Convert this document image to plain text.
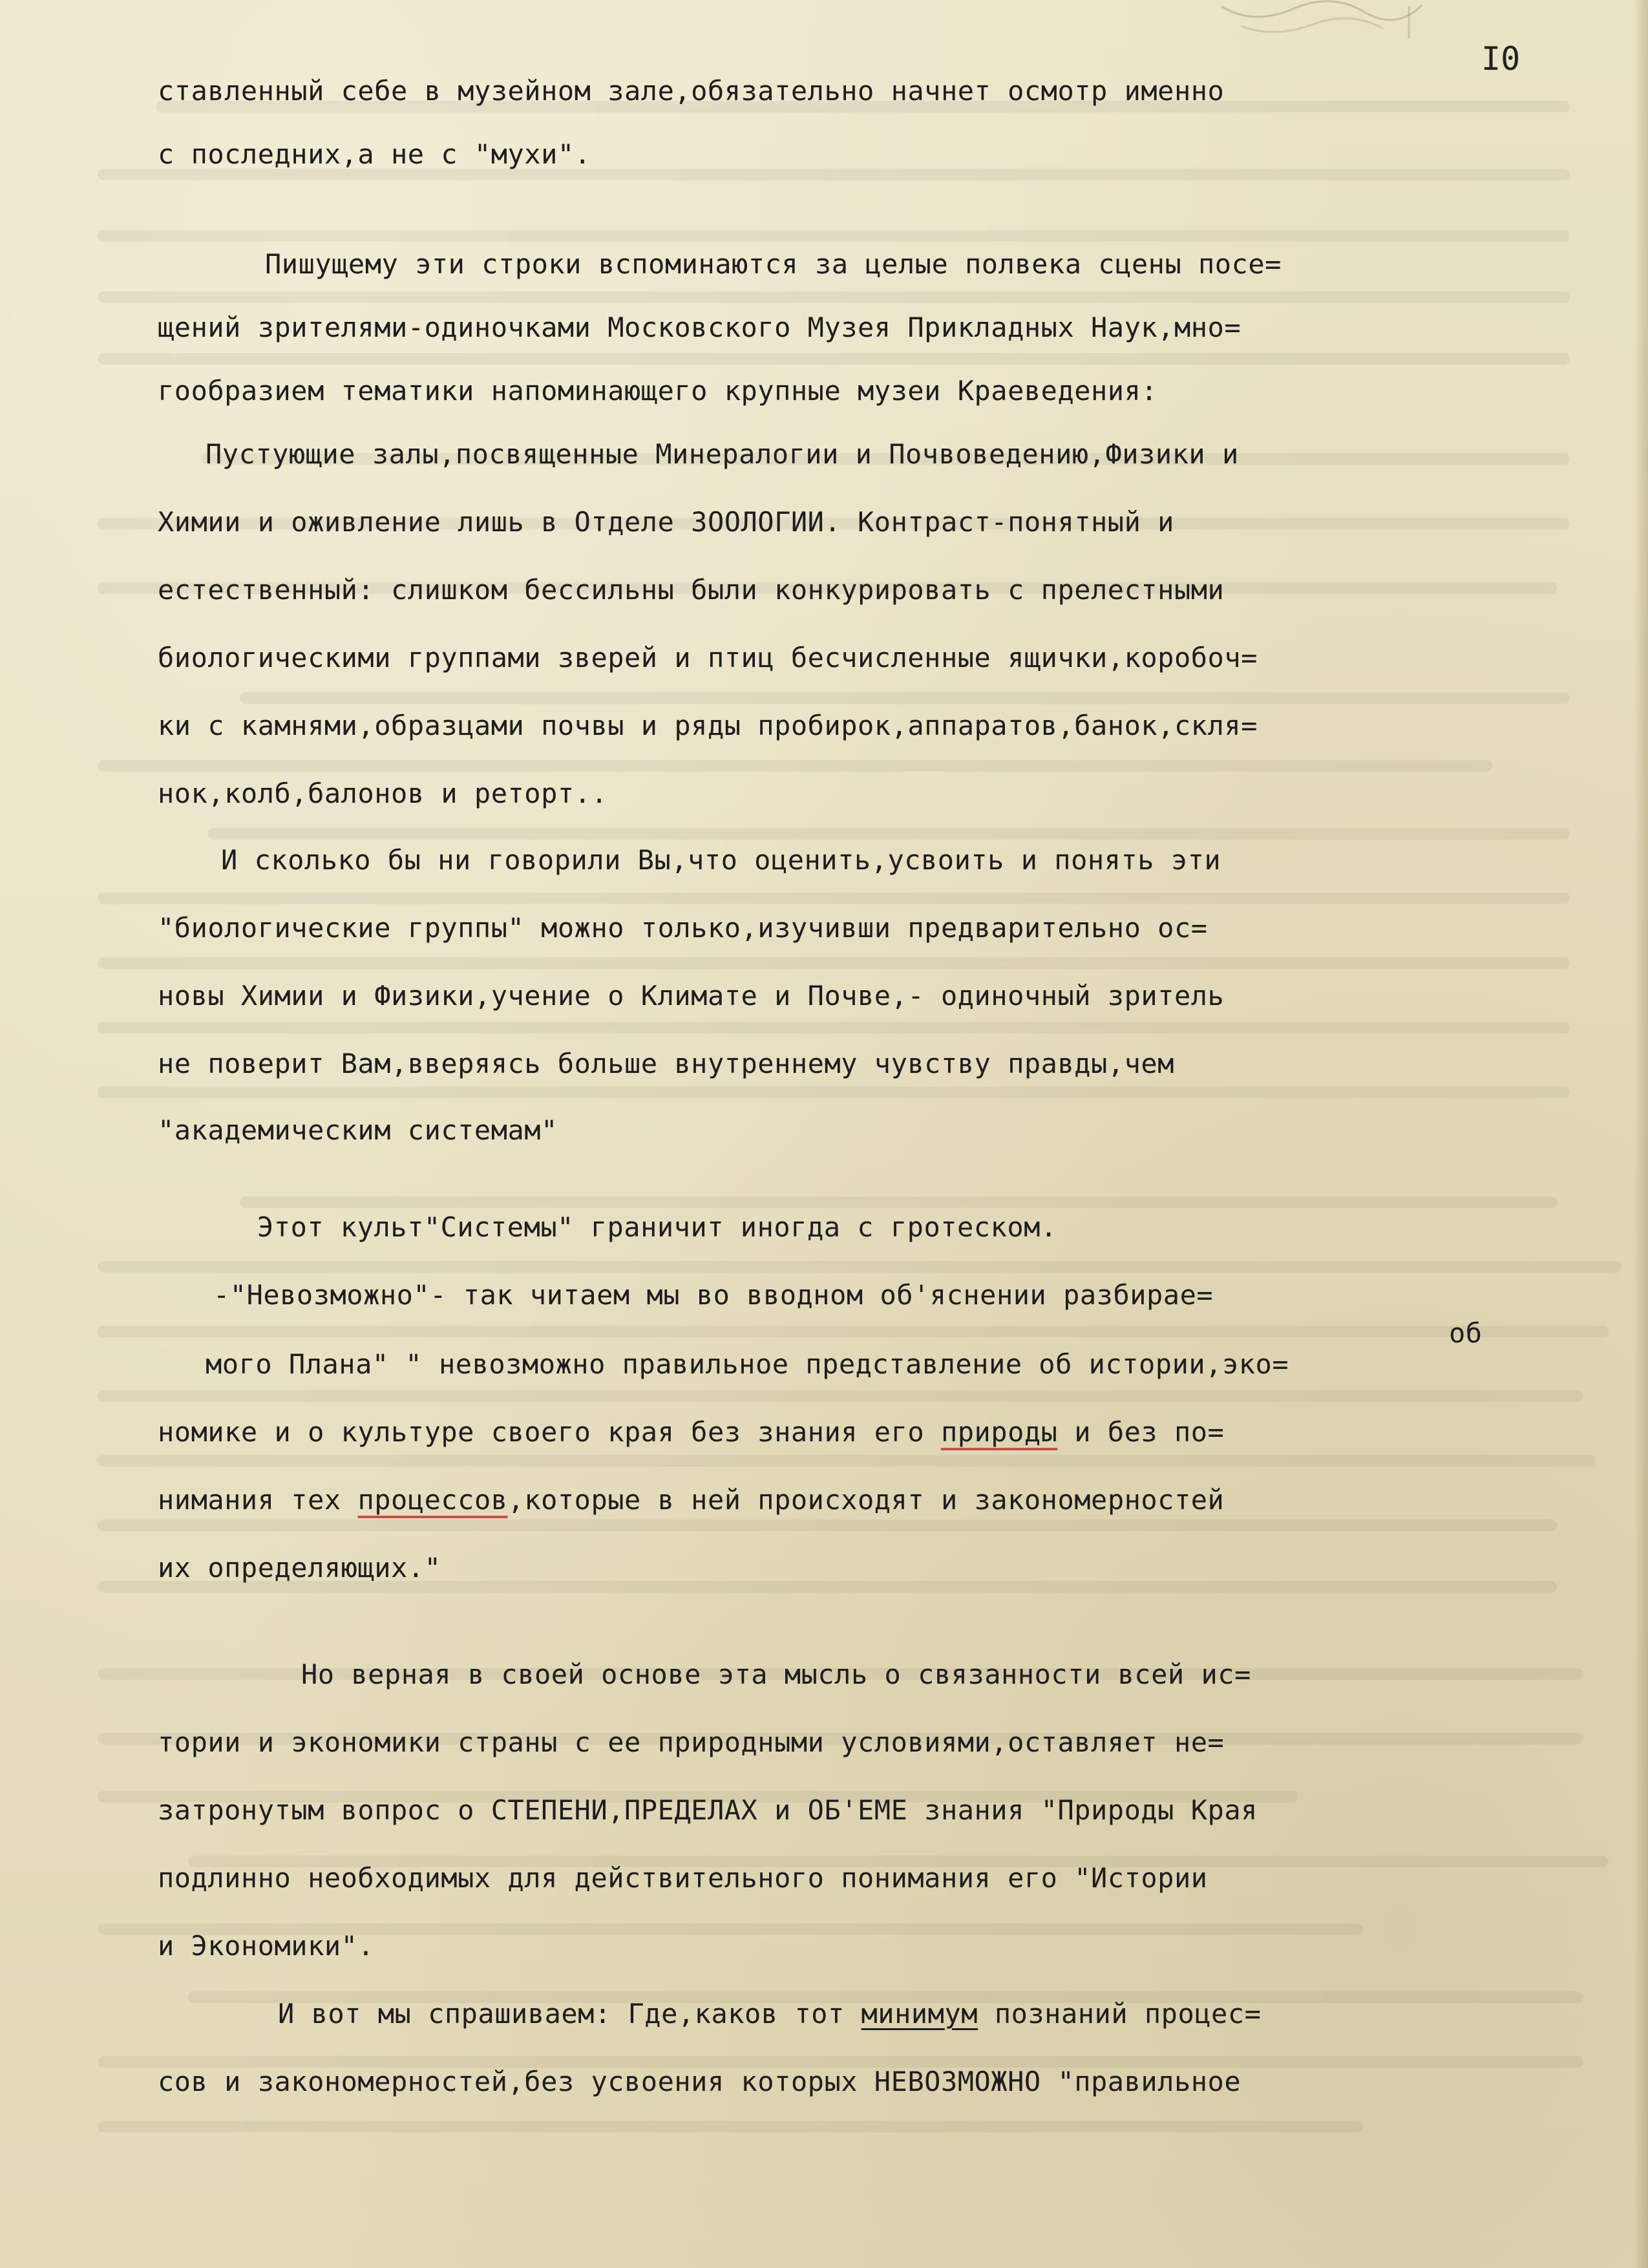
I0

ставленный себе в музейном зале,обязательно начнет осмотр именно

с последних,а не с "мухи".

Пишущему эти строки вспоминаются за целые полвека сцены посе=

щений зрителями-одиночками Московского Музея Прикладных Наук,мно=

гообразием тематики напоминающего крупные музеи Краеведения:

Пустующие залы,посвященные Минералогии и Почвоведению,Физики и

Химии и оживление лишь в Отделе ЗООЛОГИИ. Контраст-понятный и

естественный: слишком бессильны были конкурировать с прелестными

биологическими группами зверей и птиц бесчисленные ящички,коробоч=

ки с камнями,образцами почвы и ряды пробирок,аппаратов,банок,скля=

нок,колб,балонов и реторт..

И сколько бы ни говорили Вы,что оценить,усвоить и понять эти

"биологические группы" можно только,изучивши предварительно ос=

новы Химии и Физики,учение о Климате и Почве,- одиночный зритель

не поверит Вам,вверяясь больше внутреннему чувству правды,чем

"академическим системам"

Этот культ"Системы" граничит иногда с гротеском.

-"Невозможно"- так читаем мы во вводном об'яснении разбирае=

об

мого Плана" " невозможно правильное представление об истории,эко=

номике и о культуре своего края без знания его природы и без по=

нимания тех процессов,которые в ней происходят и закономерностей

их определяющих."

Но верная в своей основе эта мысль о связанности всей ис=

тории и экономики страны с ее природными условиями,оставляет не=

затронутым вопрос о СТЕПЕНИ,ПРЕДЕЛАХ и ОБ'ЕМЕ знания "Природы Края

подлинно необходимых для действительного понимания его "Истории

и Экономики".

И вот мы спрашиваем: Где,каков тот минимум познаний процес=

сов и закономерностей,без усвоения которых НЕВОЗМОЖНО "правильное
